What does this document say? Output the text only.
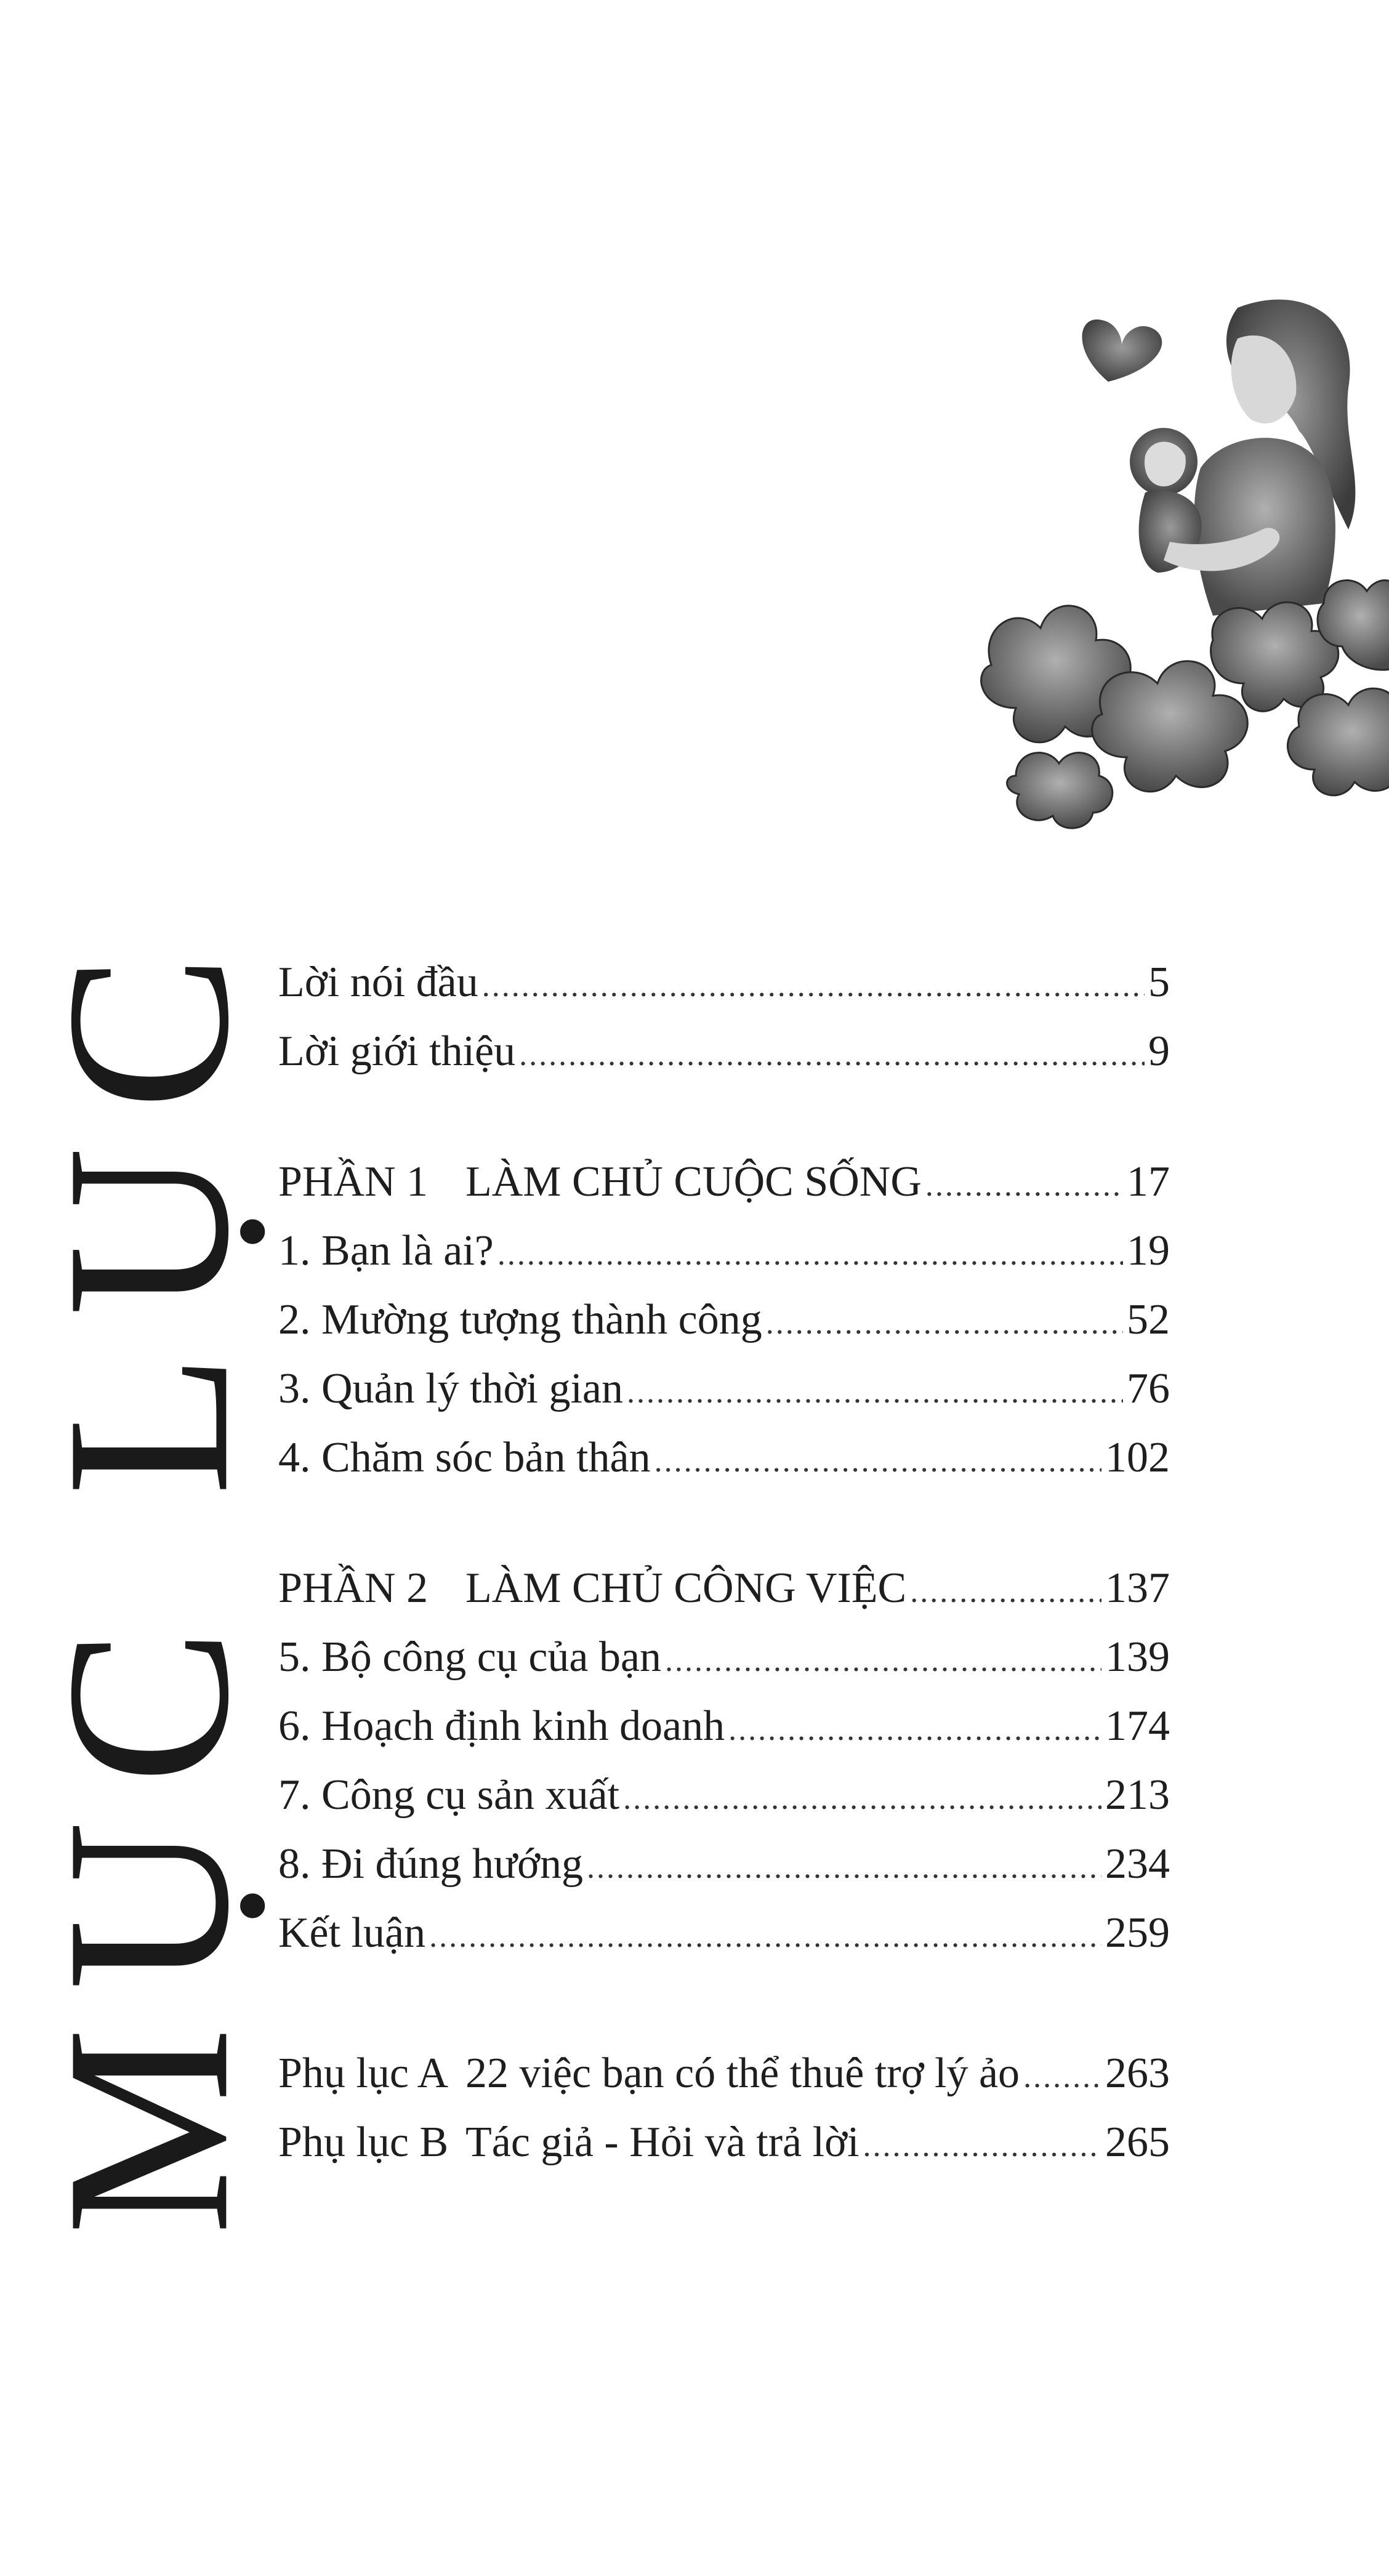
MỤC LỤC Lời nói đầu .....	5
Lời giới thiệu .....	9
PHẦN 1 LÀM CHỦ CUỘC SỐNG .....	17
1. Bạn là ai? .....	19
2. Mường tượng thành công .....	52
3. Quản lý thời gian .....	76
4. Chăm sóc bản thân .....	102
PHẦN 2 LÀM CHỦ CÔNG VIỆC .....	137
5. Bộ công cụ của bạn .....	139
6. Hoạch định kinh doanh .....	174
7. Công cụ sản xuất .....	213
8. Đi đúng hướng .....	234
Kết luận .....	259
Phụ lục A 22 việc bạn có thể thuê trợ lý ảo ..... 263
Phụ lục B Tác giả - Hỏi và trả lời .....	265
